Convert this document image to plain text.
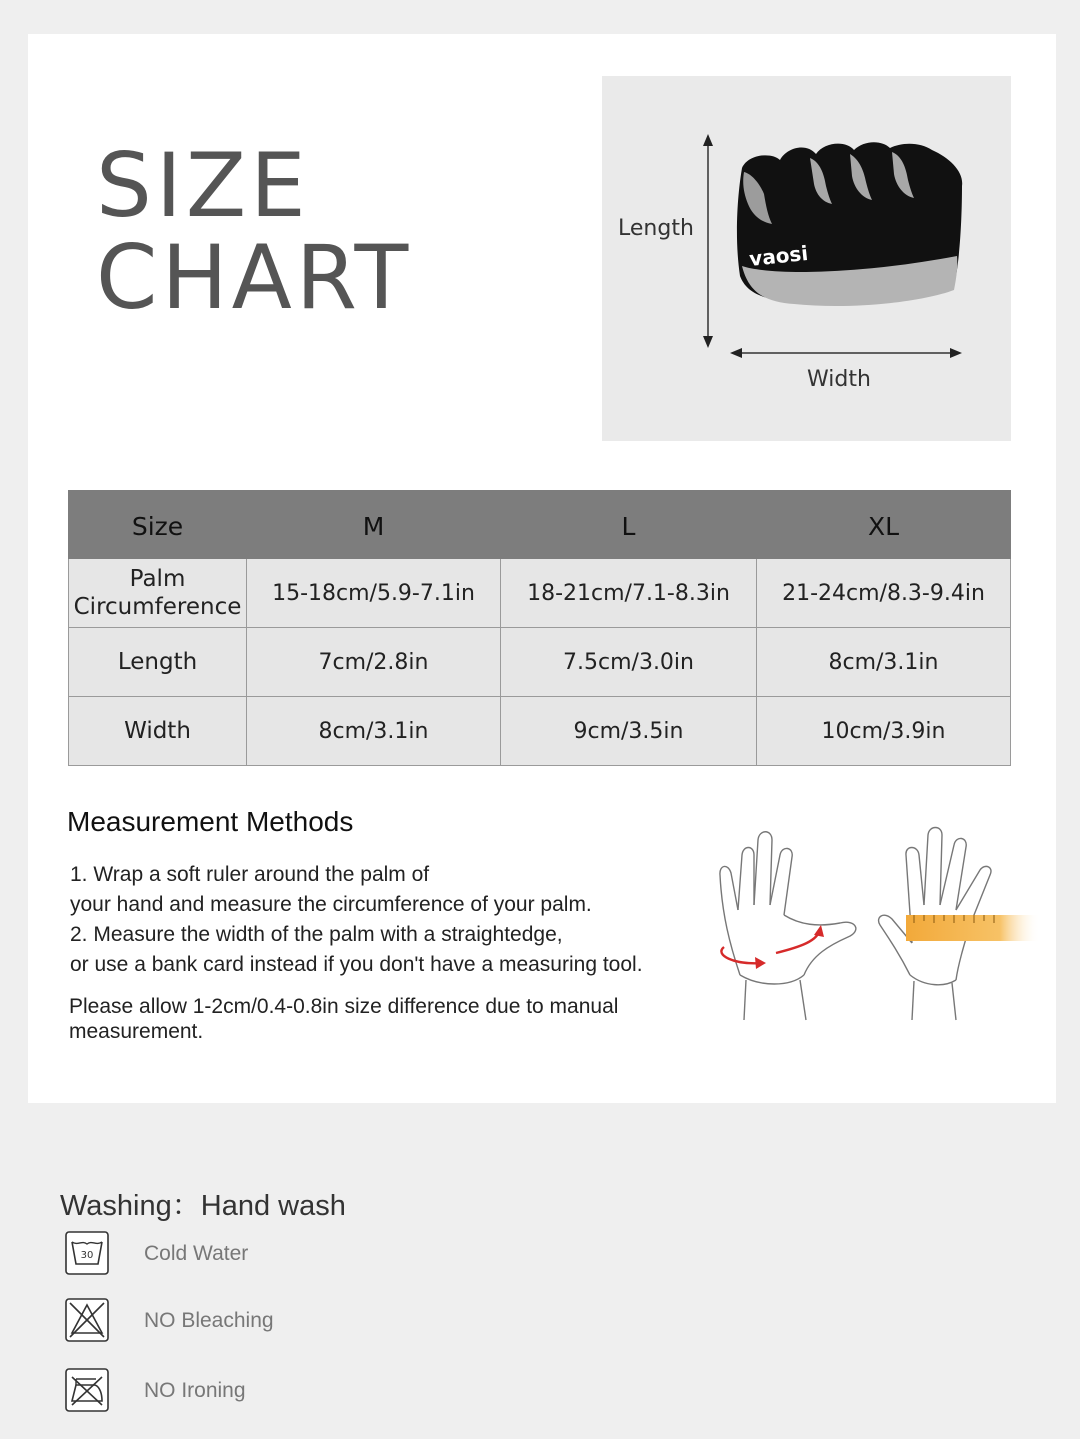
SIZE
CHART	vaosi
Length
Width
Size	M	L	XL
Palm
Circumference	15-18cm/5.9-7.1in	18-21cm/7.1-8.3in	21-24cm/8.3-9.4in
Length	7cm/2.8in	7.5cm/3.0in	8cm/3.1in
Width	8cm/3.1in	9cm/3.5in	10cm/3.9in
Measurement Methods
1. Wrap a soft ruler around the palm of
your hand and measure the circumference of your palm.
2. Measure the width of the palm with a straightedge,
or use a bank card instead if you don't have a measuring tool.
Please allow 1-2cm/0.4-0.8in size difference due to manual measurement.
Washing：Hand wash
30 Cold Water
NO Bleaching
NO Ironing
